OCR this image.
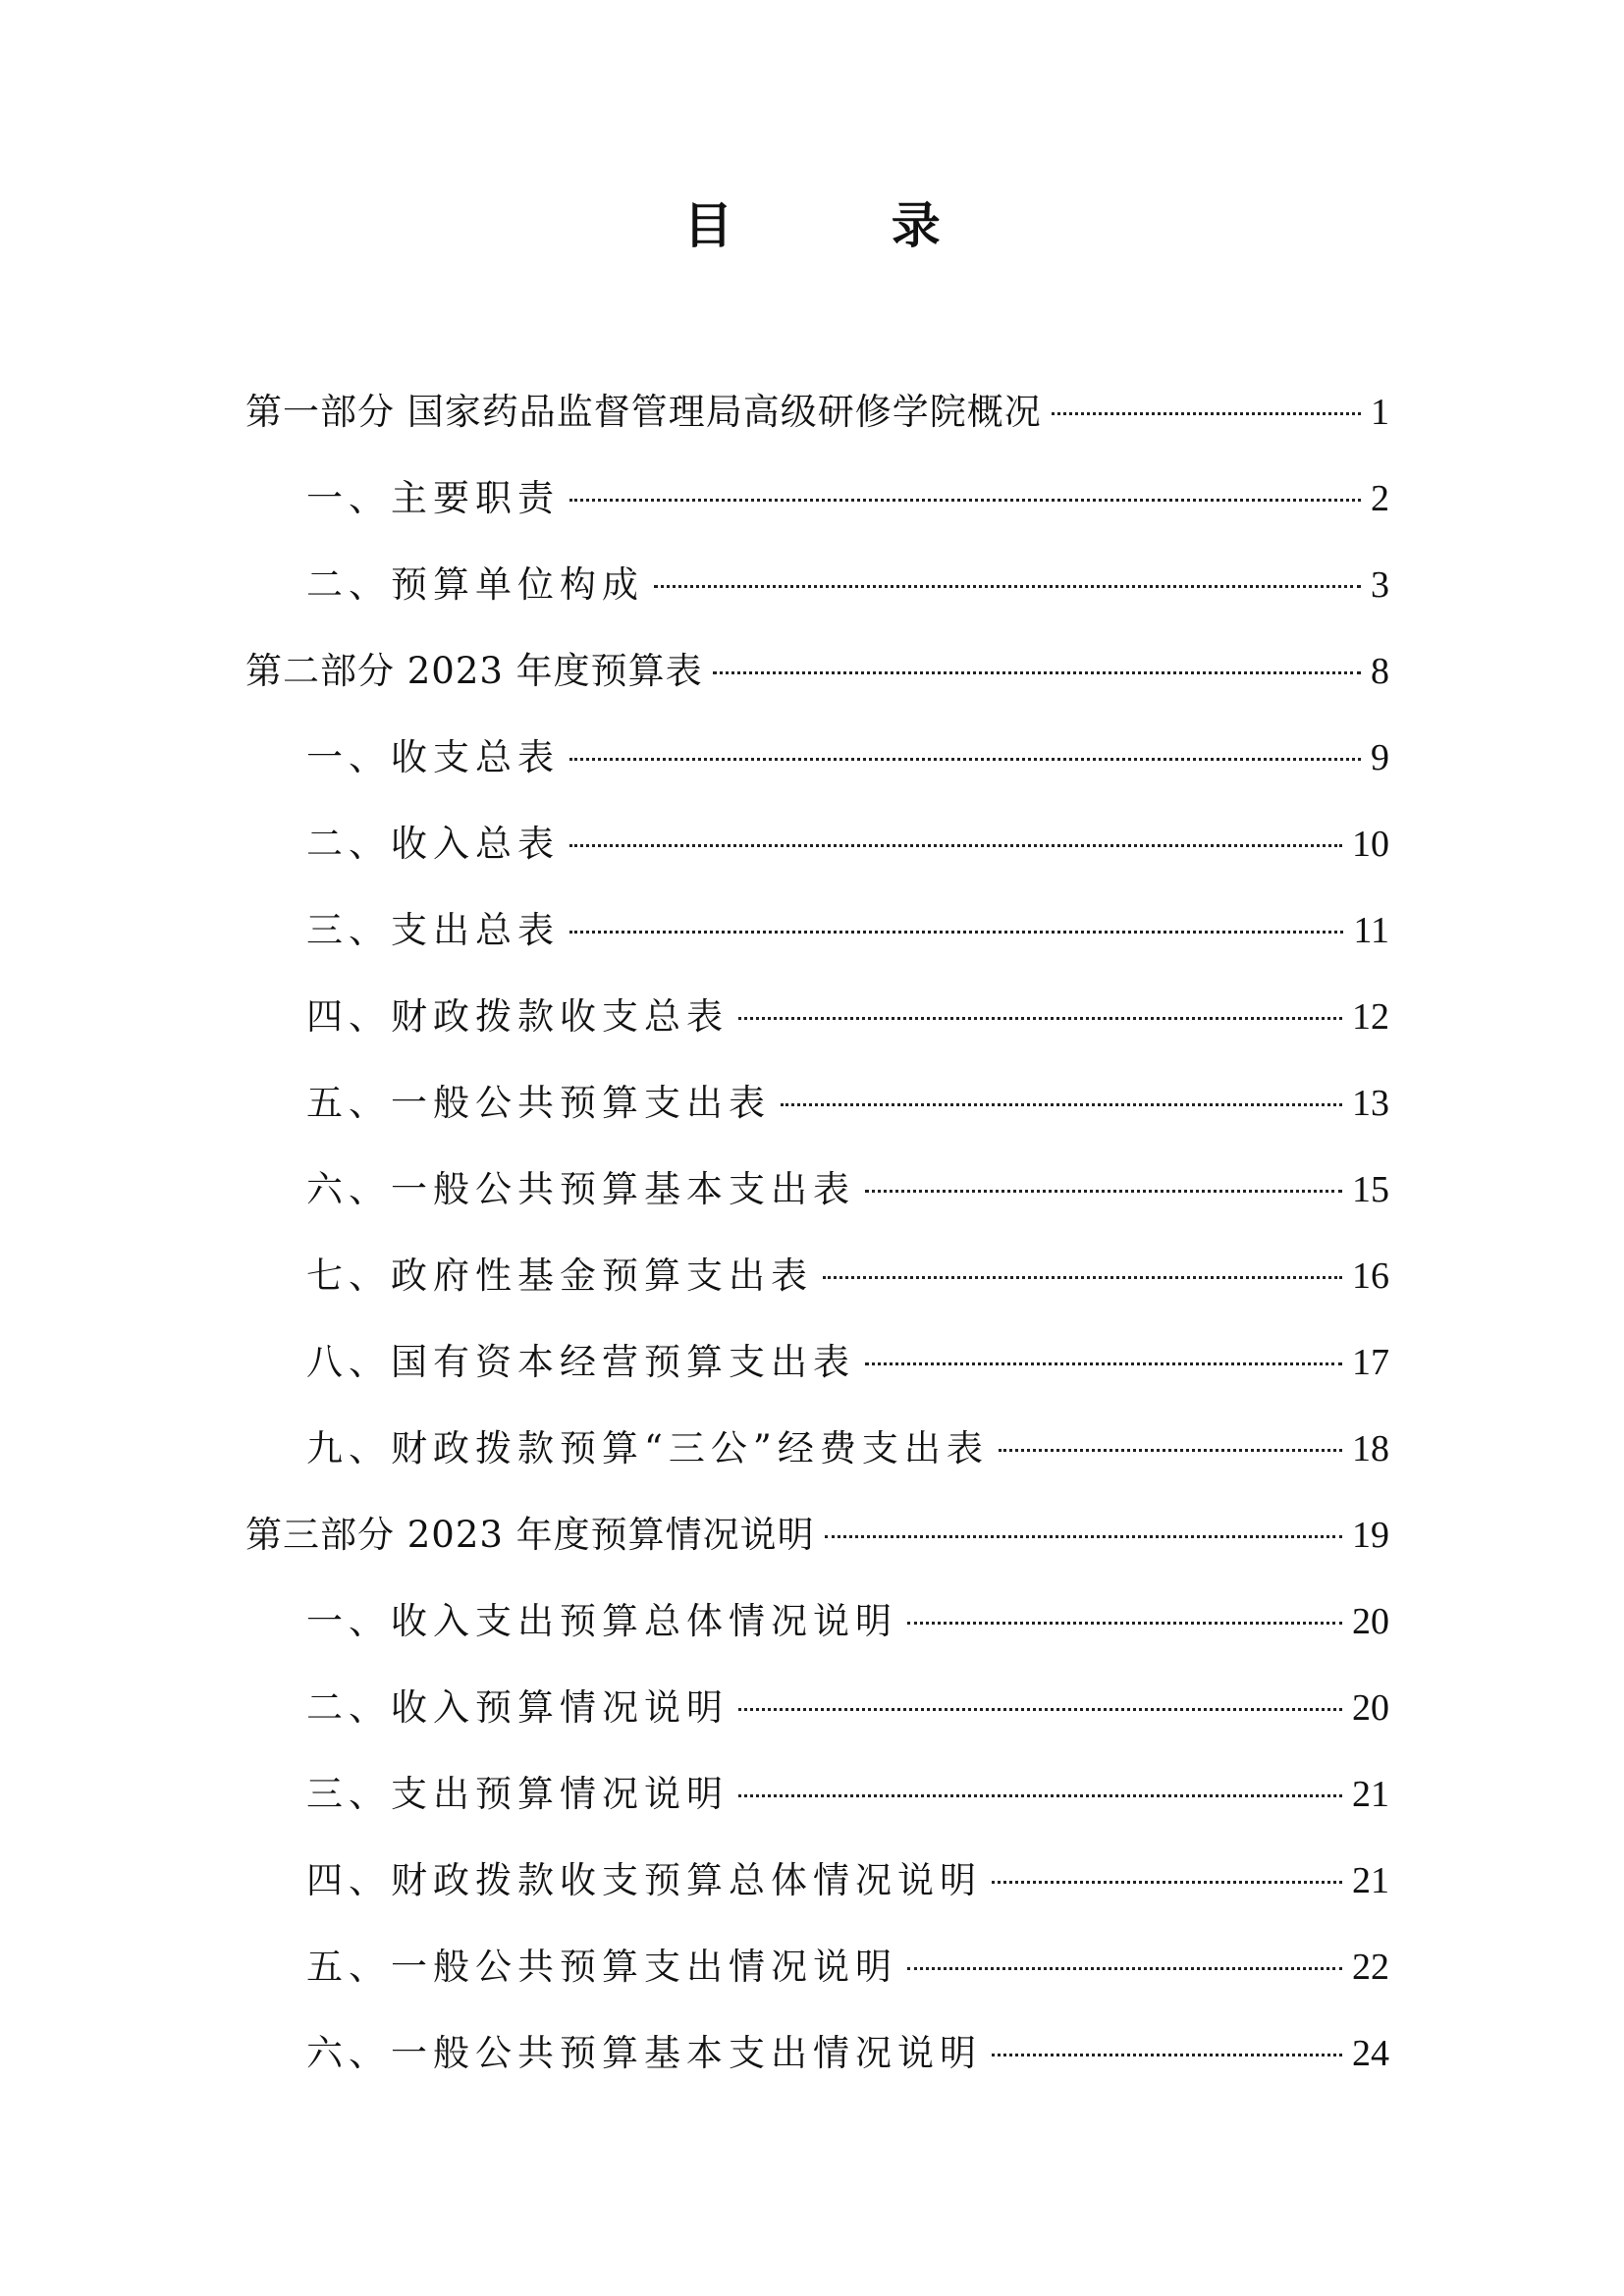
目 录
第一部分 国家药品监督管理局高级研修学院概况	1
一、主要职责	2
二、预算单位构成	3
第二部分 2023 年度预算表	8
一、收支总表	9
二、收入总表	10
三、支出总表	11
四、财政拨款收支总表	12
五、一般公共预算支出表	13
六、一般公共预算基本支出表	15
七、政府性基金预算支出表	16
八、国有资本经营预算支出表	17
九、财政拨款预算“三公”经费支出表	18
第三部分 2023 年度预算情况说明	19
一、收入支出预算总体情况说明	20
二、收入预算情况说明	20
三、支出预算情况说明	21
四、财政拨款收支预算总体情况说明	21
五、一般公共预算支出情况说明	22
六、一般公共预算基本支出情况说明	24
